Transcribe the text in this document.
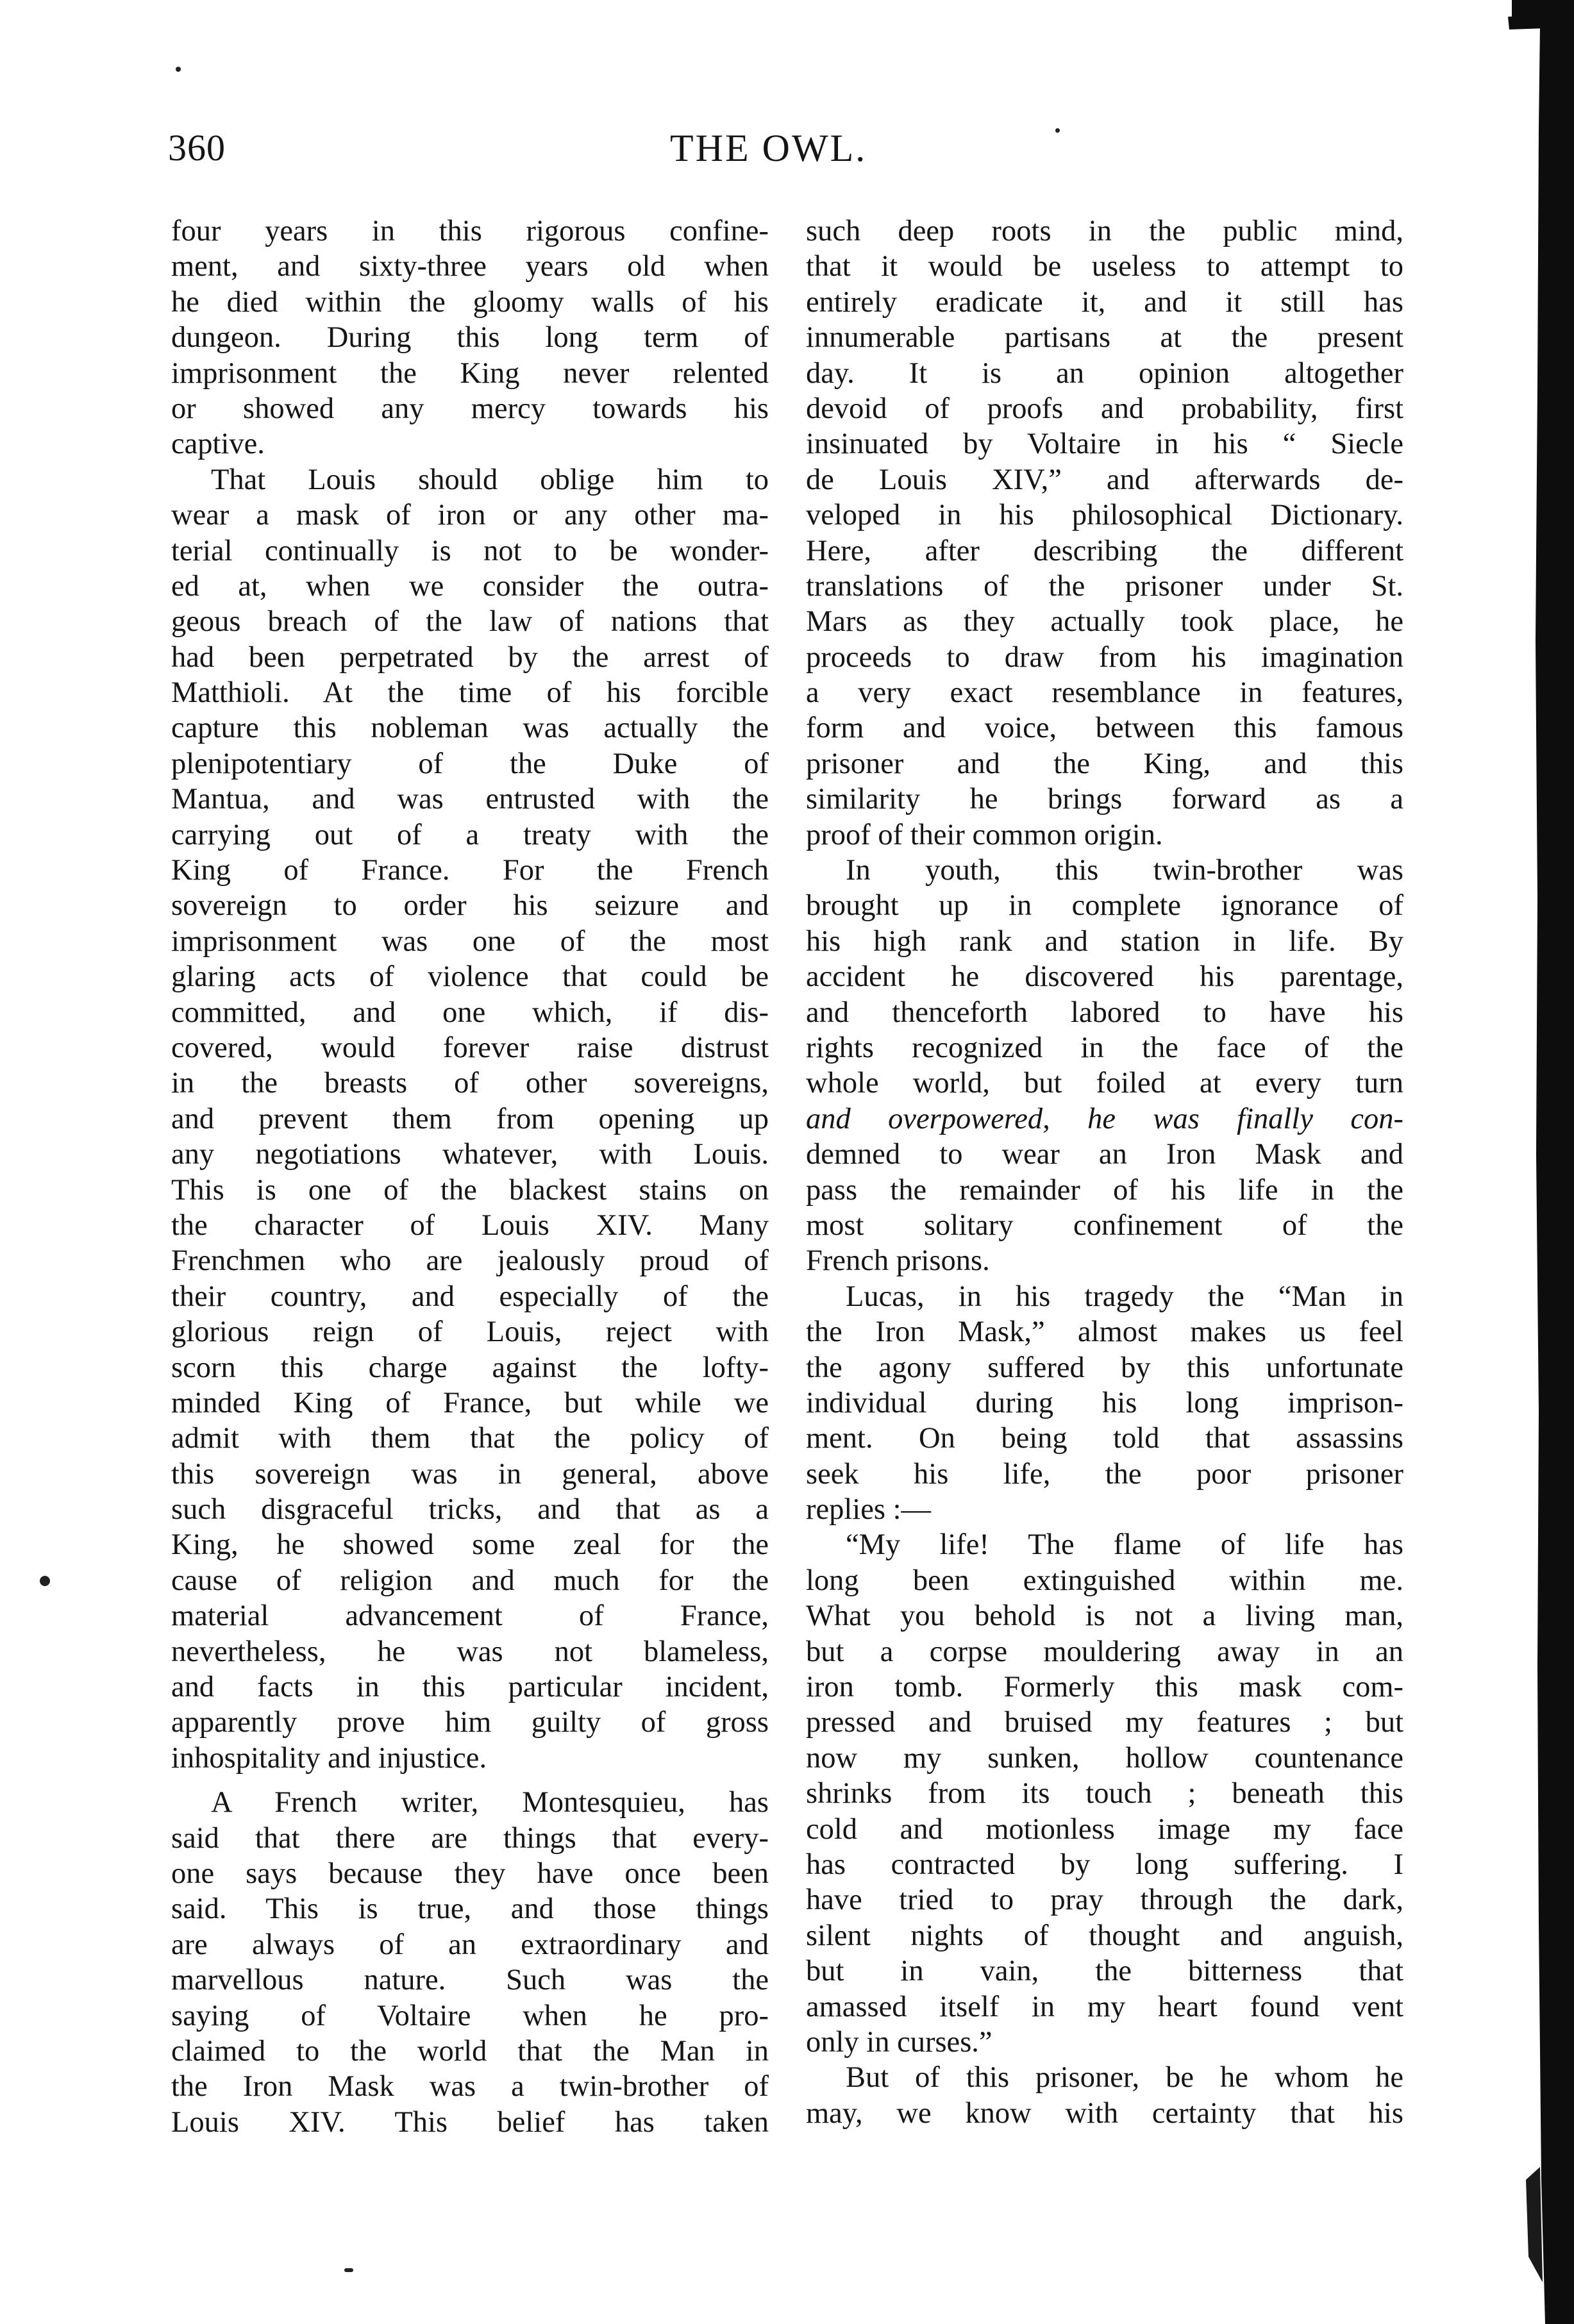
360	THE OWL.
four years in this rigorous confine-
ment, and sixty-three years old when
he died within the gloomy walls of his
dungeon. During this long term of
imprisonment the King never relented
or showed any mercy towards his
captive.
That Louis should oblige him to
wear a mask of iron or any other ma-
terial continually is not to be wonder-
ed at, when we consider the outra-
geous breach of the law of nations that
had been perpetrated by the arrest of
Matthioli. At the time of his forcible
capture this nobleman was actually the
plenipotentiary of the Duke of
Mantua, and was entrusted with the
carrying out of a treaty with the
King of France. For the French
sovereign to order his seizure and
imprisonment was one of the most
glaring acts of violence that could be
committed, and one which, if dis-
covered, would forever raise distrust
in the breasts of other sovereigns,
and prevent them from opening up
any negotiations whatever, with Louis.
This is one of the blackest stains on
the character of Louis XIV. Many
Frenchmen who are jealously proud of
their country, and especially of the
glorious reign of Louis, reject with
scorn this charge against the lofty-
minded King of France, but while we
admit with them that the policy of
this sovereign was in general, above
such disgraceful tricks, and that as a
King, he showed some zeal for the
cause of religion and much for the
material advancement of France,
nevertheless, he was not blameless,
and facts in this particular incident,
apparently prove him guilty of gross
inhospitality and injustice.
A French writer, Montesquieu, has
said that there are things that every-
one says because they have once been
said. This is true, and those things
are always of an extraordinary and
marvellous nature. Such was the
saying of Voltaire when he pro-
claimed to the world that the Man in
the Iron Mask was a twin-brother of
Louis XIV. This belief has taken
such deep roots in the public mind,
that it would be useless to attempt to
entirely eradicate it, and it still has
innumerable partisans at the present
day. It is an opinion altogether
devoid of proofs and probability, first
insinuated by Voltaire in his “ Siecle
de Louis XIV,” and afterwards de-
veloped in his philosophical Dictionary.
Here, after describing the different
translations of the prisoner under St.
Mars as they actually took place, he
proceeds to draw from his imagination
a very exact resemblance in features,
form and voice, between this famous
prisoner and the King, and this
similarity he brings forward as a
proof of their common origin.
In youth, this twin-brother was
brought up in complete ignorance of
his high rank and station in life. By
accident he discovered his parentage,
and thenceforth labored to have his
rights recognized in the face of the
whole world, but foiled at every turn
and overpowered, he was finally con-
demned to wear an Iron Mask and
pass the remainder of his life in the
most solitary confinement of the
French prisons.
Lucas, in his tragedy the “Man in
the Iron Mask,” almost makes us feel
the agony suffered by this unfortunate
individual during his long imprison-
ment. On being told that assassins
seek his life, the poor prisoner
replies :—
“My life! The flame of life has
long been extinguished within me.
What you behold is not a living man,
but a corpse mouldering away in an
iron tomb. Formerly this mask com-
pressed and bruised my features ; but
now my sunken, hollow countenance
shrinks from its touch ; beneath this
cold and motionless image my face
has contracted by long suffering. I
have tried to pray through the dark,
silent nights of thought and anguish,
but in vain, the bitterness that
amassed itself in my heart found vent
only in curses.”
But of this prisoner, be he whom he
may, we know with certainty that his
